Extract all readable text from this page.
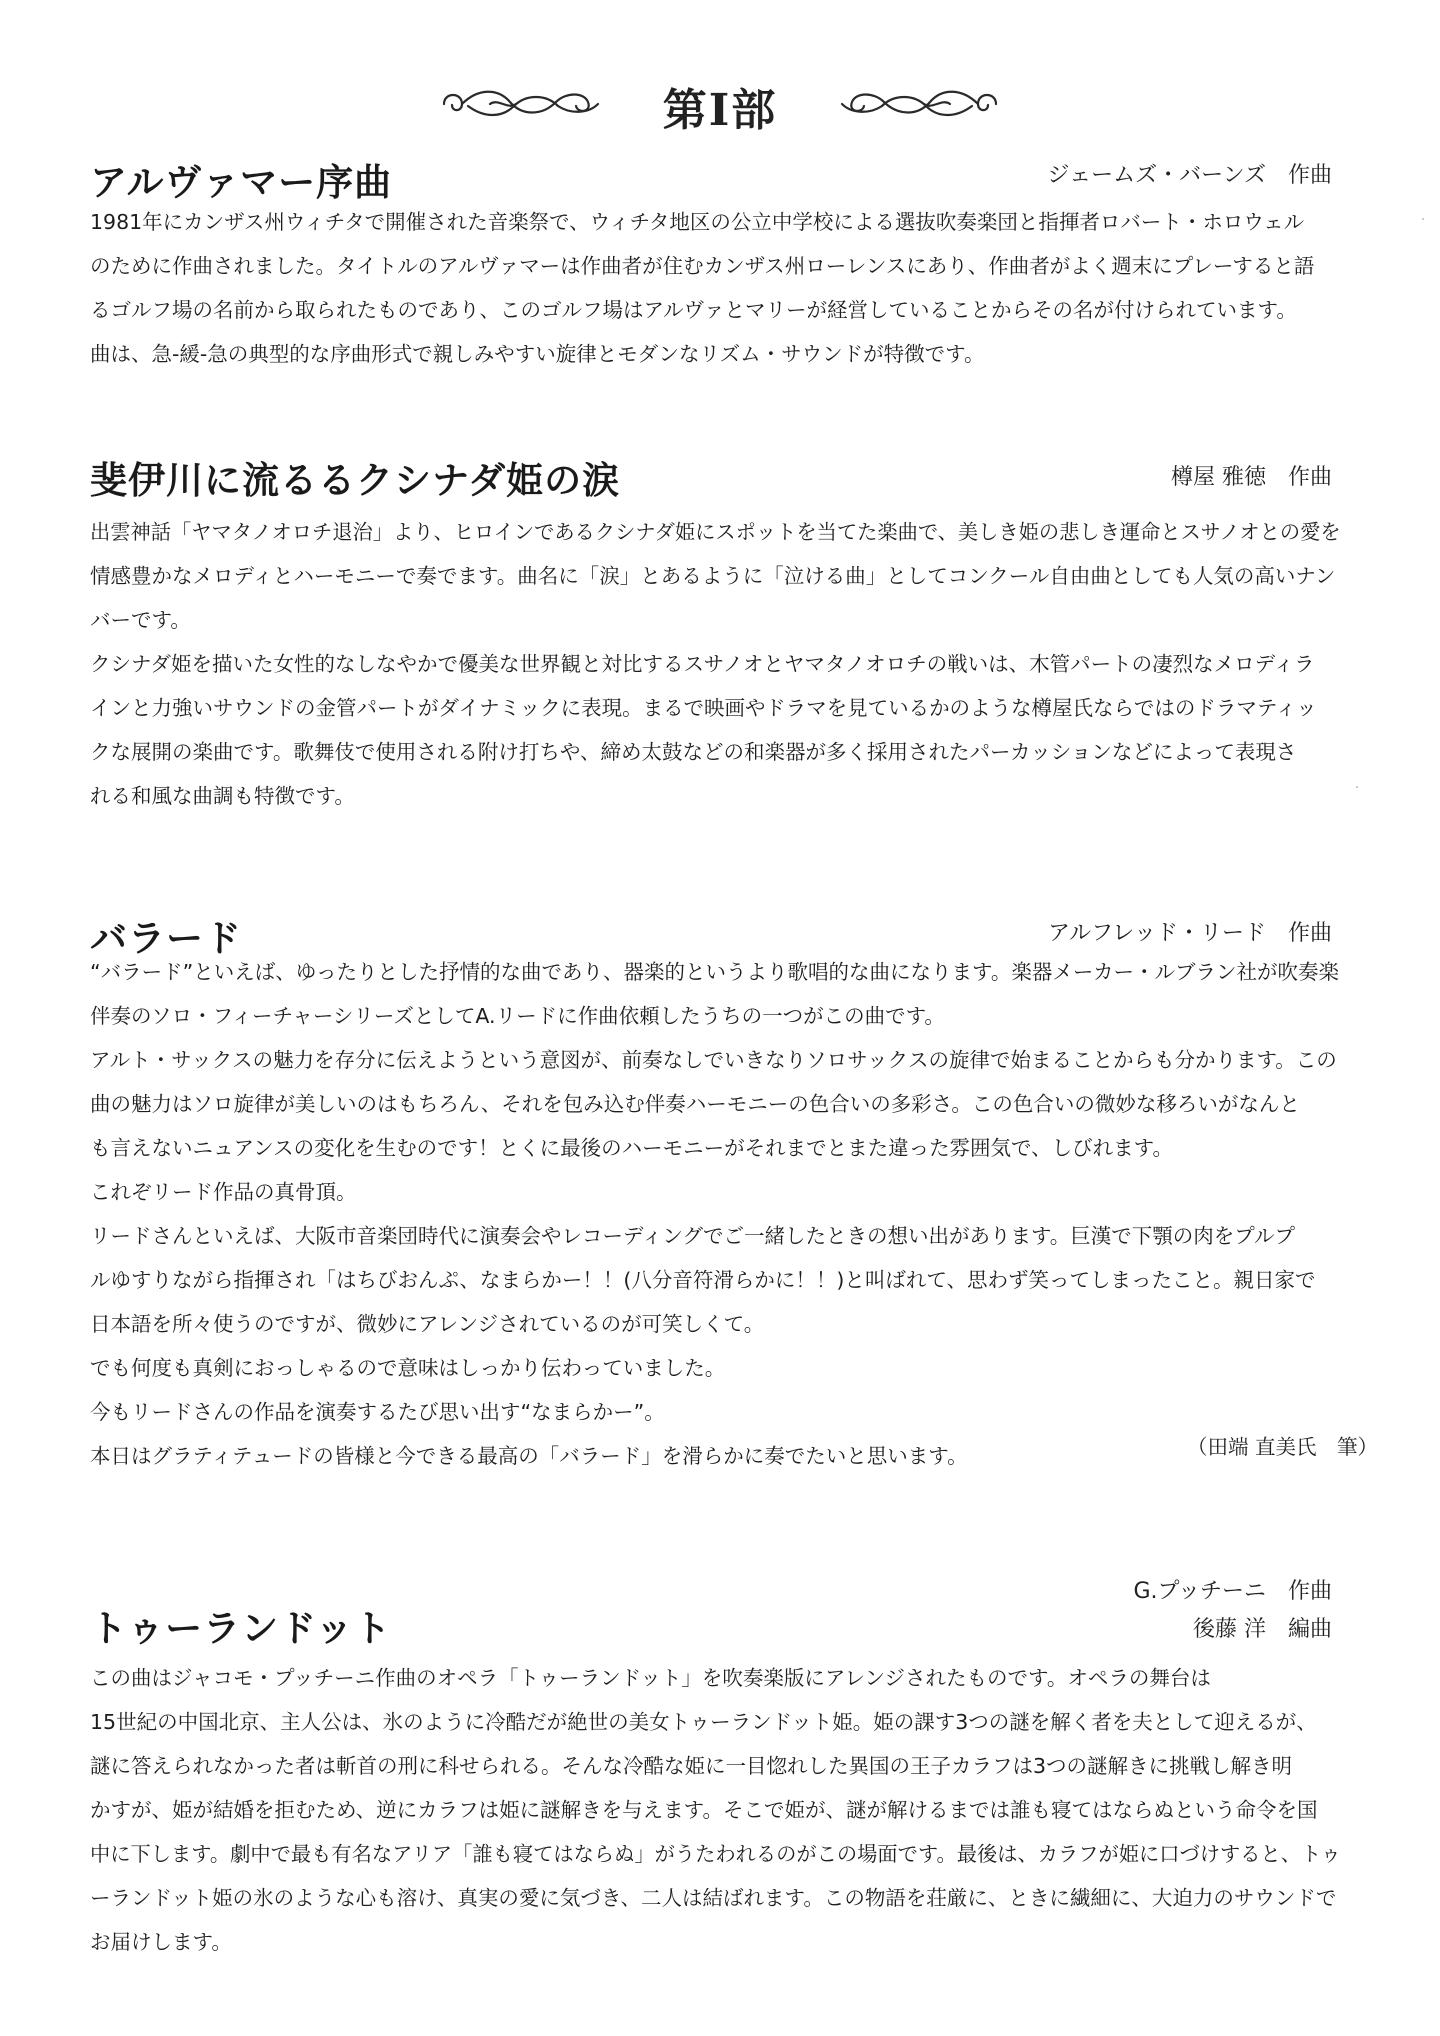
第Ⅰ部
アルヴァマー序曲	ジェームズ・バーンズ　作曲
1981年にカンザス州ウィチタで開催された音楽祭で、ウィチタ地区の公立中学校による選抜吹奏楽団と指揮者ロバート・ホロウェル
のために作曲されました。タイトルのアルヴァマーは作曲者が住むカンザス州ローレンスにあり、作曲者がよく週末にプレーすると語
るゴルフ場の名前から取られたものであり、このゴルフ場はアルヴァとマリーが経営していることからその名が付けられています。
曲は、急-緩-急の典型的な序曲形式で親しみやすい旋律とモダンなリズム・サウンドが特徴です。
斐伊川に流るるクシナダ姫の涙	樽屋 雅徳　作曲
出雲神話「ヤマタノオロチ退治」より、ヒロインであるクシナダ姫にスポットを当てた楽曲で、美しき姫の悲しき運命とスサノオとの愛を
情感豊かなメロディとハーモニーで奏でます。曲名に「涙」とあるように「泣ける曲」としてコンクール自由曲としても人気の高いナン
バーです。
クシナダ姫を描いた女性的なしなやかで優美な世界観と対比するスサノオとヤマタノオロチの戦いは、木管パートの凄烈なメロディラ
インと力強いサウンドの金管パートがダイナミックに表現。まるで映画やドラマを見ているかのような樽屋氏ならではのドラマティッ
クな展開の楽曲です。歌舞伎で使用される附け打ちや、締め太鼓などの和楽器が多く採用されたパーカッションなどによって表現さ
れる和風な曲調も特徴です。
バラード	アルフレッド・リード　作曲
“バラード”といえば、ゆったりとした抒情的な曲であり、器楽的というより歌唱的な曲になります。楽器メーカー・ルブラン社が吹奏楽
伴奏のソロ・フィーチャーシリーズとしてA.リードに作曲依頼したうちの一つがこの曲です。
アルト・サックスの魅力を存分に伝えようという意図が、前奏なしでいきなりソロサックスの旋律で始まることからも分かります。この
曲の魅力はソロ旋律が美しいのはもちろん、それを包み込む伴奏ハーモニーの色合いの多彩さ。この色合いの微妙な移ろいがなんと
も言えないニュアンスの変化を生むのです！とくに最後のハーモニーがそれまでとまた違った雰囲気で、しびれます。
これぞリード作品の真骨頂。
リードさんといえば、大阪市音楽団時代に演奏会やレコーディングでご一緒したときの想い出があります。巨漢で下顎の肉をプルプ
ルゆすりながら指揮され「はちびおんぷ、なまらかー！！(八分音符滑らかに！！)と叫ばれて、思わず笑ってしまったこと。親日家で
日本語を所々使うのですが、微妙にアレンジされているのが可笑しくて。
でも何度も真剣におっしゃるので意味はしっかり伝わっていました。
今もリードさんの作品を演奏するたび思い出す“なまらかー”。
本日はグラティテュードの皆様と今できる最高の「バラード」を滑らかに奏でたいと思います。	（田端 直美氏　筆）
G.プッチーニ　作曲
トゥーランドット	後藤 洋　編曲
この曲はジャコモ・プッチーニ作曲のオペラ「トゥーランドット」を吹奏楽版にアレンジされたものです。オペラの舞台は
15世紀の中国北京、主人公は、氷のように冷酷だが絶世の美女トゥーランドット姫。姫の課す3つの謎を解く者を夫として迎えるが、
謎に答えられなかった者は斬首の刑に科せられる。そんな冷酷な姫に一目惚れした異国の王子カラフは3つの謎解きに挑戦し解き明
かすが、姫が結婚を拒むため、逆にカラフは姫に謎解きを与えます。そこで姫が、謎が解けるまでは誰も寝てはならぬという命令を国
中に下します。劇中で最も有名なアリア「誰も寝てはならぬ」がうたわれるのがこの場面です。最後は、カラフが姫に口づけすると、トゥ
ーランドット姫の氷のような心も溶け、真実の愛に気づき、二人は結ばれます。この物語を荘厳に、ときに繊細に、大迫力のサウンドで
お届けします。
